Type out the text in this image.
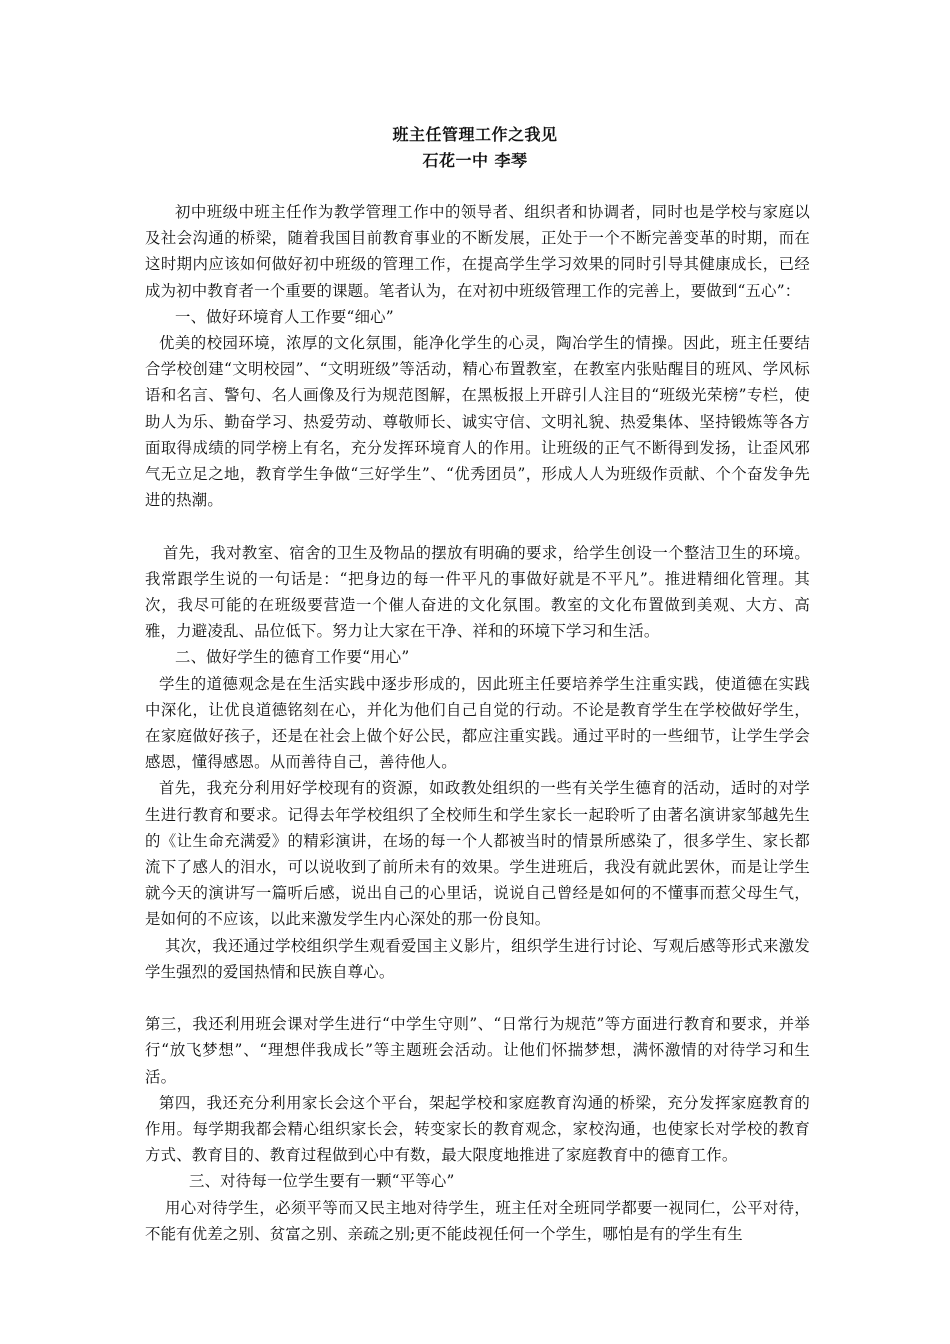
班主任管理工作之我见
石花一中 李琴

初中班级中班主任作为教学管理工作中的领导者、组织者和协调者，同时也是学校与家庭以及社会沟通的桥梁，随着我国目前教育事业的不断发展，正处于一个不断完善变革的时期，而在这时期内应该如何做好初中班级的管理工作，在提高学生学习效果的同时引导其健康成长，已经成为初中教育者一个重要的课题。笔者认为，在对初中班级管理工作的完善上，要做到“五心”：

一、做好环境育人工作要“细心”

优美的校园环境，浓厚的文化氛围，能净化学生的心灵，陶冶学生的情操。因此，班主任要结合学校创建“文明校园”、“文明班级”等活动，精心布置教室，在教室内张贴醒目的班风、学风标语和名言、警句、名人画像及行为规范图解，在黑板报上开辟引人注目的“班级光荣榜”专栏，使助人为乐、勤奋学习、热爱劳动、尊敬师长、诚实守信、文明礼貌、热爱集体、坚持锻炼等各方面取得成绩的同学榜上有名，充分发挥环境育人的作用。让班级的正气不断得到发扬，让歪风邪气无立足之地，教育学生争做“三好学生”、“优秀团员”，形成人人为班级作贡献、个个奋发争先进的热潮。

首先，我对教室、宿舍的卫生及物品的摆放有明确的要求，给学生创设一个整洁卫生的环境。我常跟学生说的一句话是：“把身边的每一件平凡的事做好就是不平凡”。推进精细化管理。其次，我尽可能的在班级要营造一个催人奋进的文化氛围。教室的文化布置做到美观、大方、高雅，力避凌乱、品位低下。努力让大家在干净、祥和的环境下学习和生活。

二、做好学生的德育工作要“用心”

学生的道德观念是在生活实践中逐步形成的，因此班主任要培养学生注重实践，使道德在实践中深化，让优良道德铭刻在心，并化为他们自己自觉的行动。不论是教育学生在学校做好学生，在家庭做好孩子，还是在社会上做个好公民，都应注重实践。通过平时的一些细节，让学生学会感恩，懂得感恩。从而善待自己，善待他人。

首先，我充分利用好学校现有的资源，如政教处组织的一些有关学生德育的活动，适时的对学生进行教育和要求。记得去年学校组织了全校师生和学生家长一起聆听了由著名演讲家邹越先生的《让生命充满爱》的精彩演讲，在场的每一个人都被当时的情景所感染了，很多学生、家长都流下了感人的泪水，可以说收到了前所未有的效果。学生进班后，我没有就此罢休，而是让学生就今天的演讲写一篇听后感，说出自己的心里话，说说自己曾经是如何的不懂事而惹父母生气，是如何的不应该，以此来激发学生内心深处的那一份良知。

其次，我还通过学校组织学生观看爱国主义影片，组织学生进行讨论、写观后感等形式来激发学生强烈的爱国热情和民族自尊心。

第三，我还利用班会课对学生进行“中学生守则”、“日常行为规范”等方面进行教育和要求，并举行“放飞梦想”、“理想伴我成长”等主题班会活动。让他们怀揣梦想，满怀激情的对待学习和生活。

第四，我还充分利用家长会这个平台，架起学校和家庭教育沟通的桥梁，充分发挥家庭教育的作用。每学期我都会精心组织家长会，转变家长的教育观念，家校沟通，也使家长对学校的教育方式、教育目的、教育过程做到心中有数，最大限度地推进了家庭教育中的德育工作。

三、对待每一位学生要有一颗“平等心”

用心对待学生，必须平等而又民主地对待学生，班主任对全班同学都要一视同仁，公平对待，不能有优差之别、贫富之别、亲疏之别;更不能歧视任何一个学生，哪怕是有的学生有生
